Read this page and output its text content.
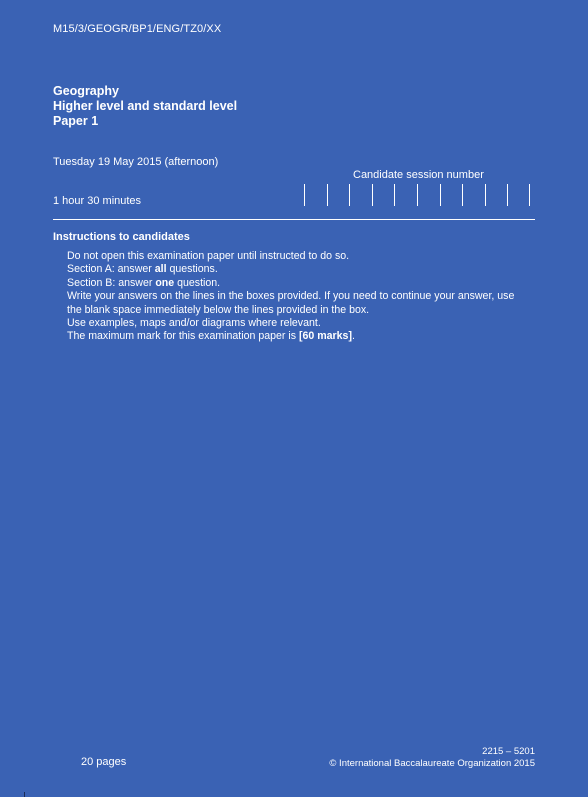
M15/3/GEOGR/BP1/ENG/TZ0/XX
Geography
Higher level and standard level
Paper 1
Tuesday 19 May 2015 (afternoon)
1 hour 30 minutes
Candidate session number
Instructions to candidates
Do not open this examination paper until instructed to do so.
Section A: answer all questions.
Section B: answer one question.
Write your answers on the lines in the boxes provided. If you need to continue your answer, use the blank space immediately below the lines provided in the box.
Use examples, maps and/or diagrams where relevant.
The maximum mark for this examination paper is [60 marks].
20 pages
2215 – 5201
© International Baccalaureate Organization 2015
